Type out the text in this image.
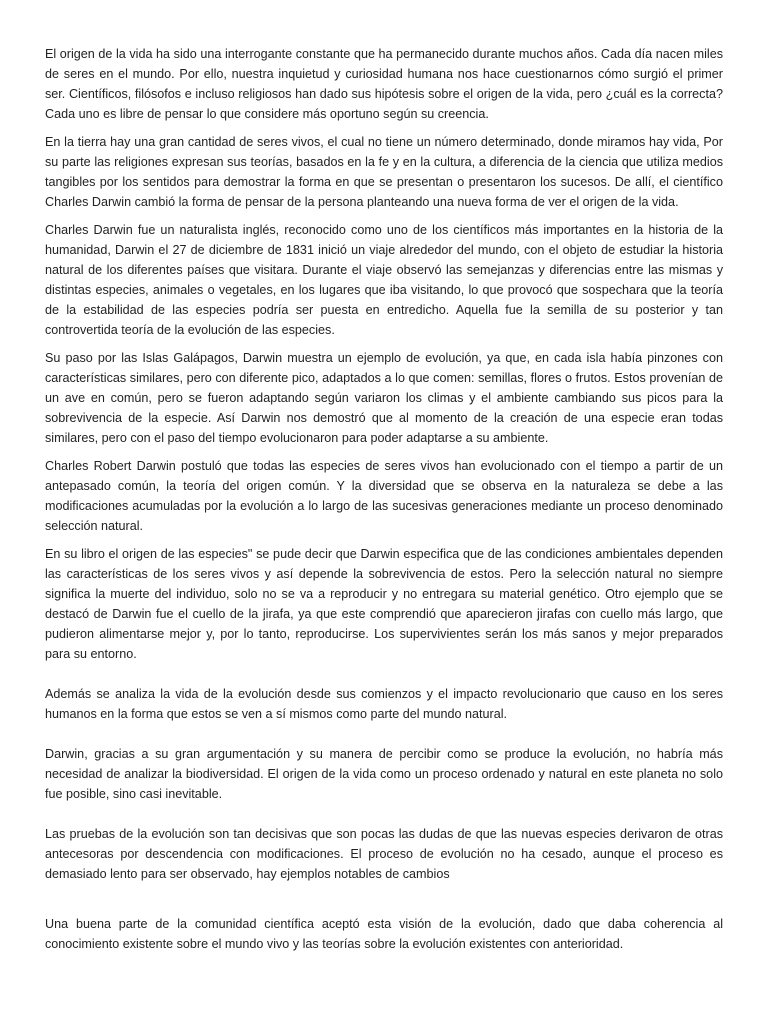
El origen de la vida ha sido una interrogante constante que ha permanecido durante muchos años. Cada día nacen miles de seres en el mundo. Por ello, nuestra inquietud y curiosidad humana nos hace cuestionarnos cómo surgió el primer ser. Científicos, filósofos e incluso religiosos han dado sus hipótesis sobre el origen de la vida, pero ¿cuál es la correcta? Cada uno es libre de pensar lo que considere más oportuno según su creencia.

En la tierra hay una gran cantidad de seres vivos, el cual no tiene un número determinado, donde miramos hay vida, Por su parte las religiones expresan sus teorías, basados en la fe y en la cultura, a diferencia de la ciencia que utiliza medios tangibles por los sentidos para demostrar la forma en que se presentan o presentaron los sucesos. De allí, el científico Charles Darwin cambió la forma de pensar de la persona planteando una nueva forma de ver el origen de la vida.

Charles Darwin fue un naturalista inglés, reconocido como uno de los científicos más importantes en la historia de la humanidad, Darwin el 27 de diciembre de 1831 inició un viaje alrededor del mundo, con el objeto de estudiar la historia natural de los diferentes países que visitara. Durante el viaje observó las semejanzas y diferencias entre las mismas y distintas especies, animales o vegetales, en los lugares que iba visitando, lo que provocó que sospechara que la teoría de la estabilidad de las especies podría ser puesta en entredicho. Aquella fue la semilla de su posterior y tan controvertida teoría de la evolución de las especies.

Su paso por las Islas Galápagos, Darwin muestra un ejemplo de evolución, ya que, en cada isla había pinzones con características similares, pero con diferente pico, adaptados a lo que comen: semillas, flores o frutos. Estos provenían de un ave en común, pero se fueron adaptando según variaron los climas y el ambiente cambiando sus picos para la sobrevivencia de la especie. Así Darwin nos demostró que al momento de la creación de una especie eran todas similares, pero con el paso del tiempo evolucionaron para poder adaptarse a su ambiente.

Charles Robert Darwin postuló que todas las especies de seres vivos han evolucionado con el tiempo a partir de un antepasado común, la teoría del origen común. Y la diversidad que se observa en la naturaleza se debe a las modificaciones acumuladas por la evolución a lo largo de las sucesivas generaciones mediante un proceso denominado selección natural.

En su libro el origen de las especies" se pude decir que Darwin especifica que de las condiciones ambientales dependen las características de los seres vivos y así depende la sobrevivencia de estos. Pero la selección natural no siempre significa la muerte del individuo, solo no se va a reproducir y no entregara su material genético. Otro ejemplo que se destacó de Darwin fue el cuello de la jirafa, ya que este comprendió que aparecieron jirafas con cuello más largo, que pudieron alimentarse mejor y, por lo tanto, reproducirse. Los supervivientes serán los más sanos y mejor preparados para su entorno.

Además se analiza la vida de la evolución desde sus comienzos y el impacto revolucionario que causo en los seres humanos en la forma que estos se ven a sí mismos como parte del mundo natural.

Darwin, gracias a su gran argumentación y su manera de percibir como se produce la evolución, no habría más necesidad de analizar la biodiversidad. El origen de la vida como un proceso ordenado y natural en este planeta no solo fue posible, sino casi inevitable.

Las pruebas de la evolución son tan decisivas que son pocas las dudas de que las nuevas especies derivaron de otras antecesoras por descendencia con modificaciones. El proceso de evolución no ha cesado, aunque el proceso es demasiado lento para ser observado, hay ejemplos notables de cambios

Una buena parte de la comunidad científica aceptó esta visión de la evolución, dado que daba coherencia al conocimiento existente sobre el mundo vivo y las teorías sobre la evolución existentes con anterioridad.
